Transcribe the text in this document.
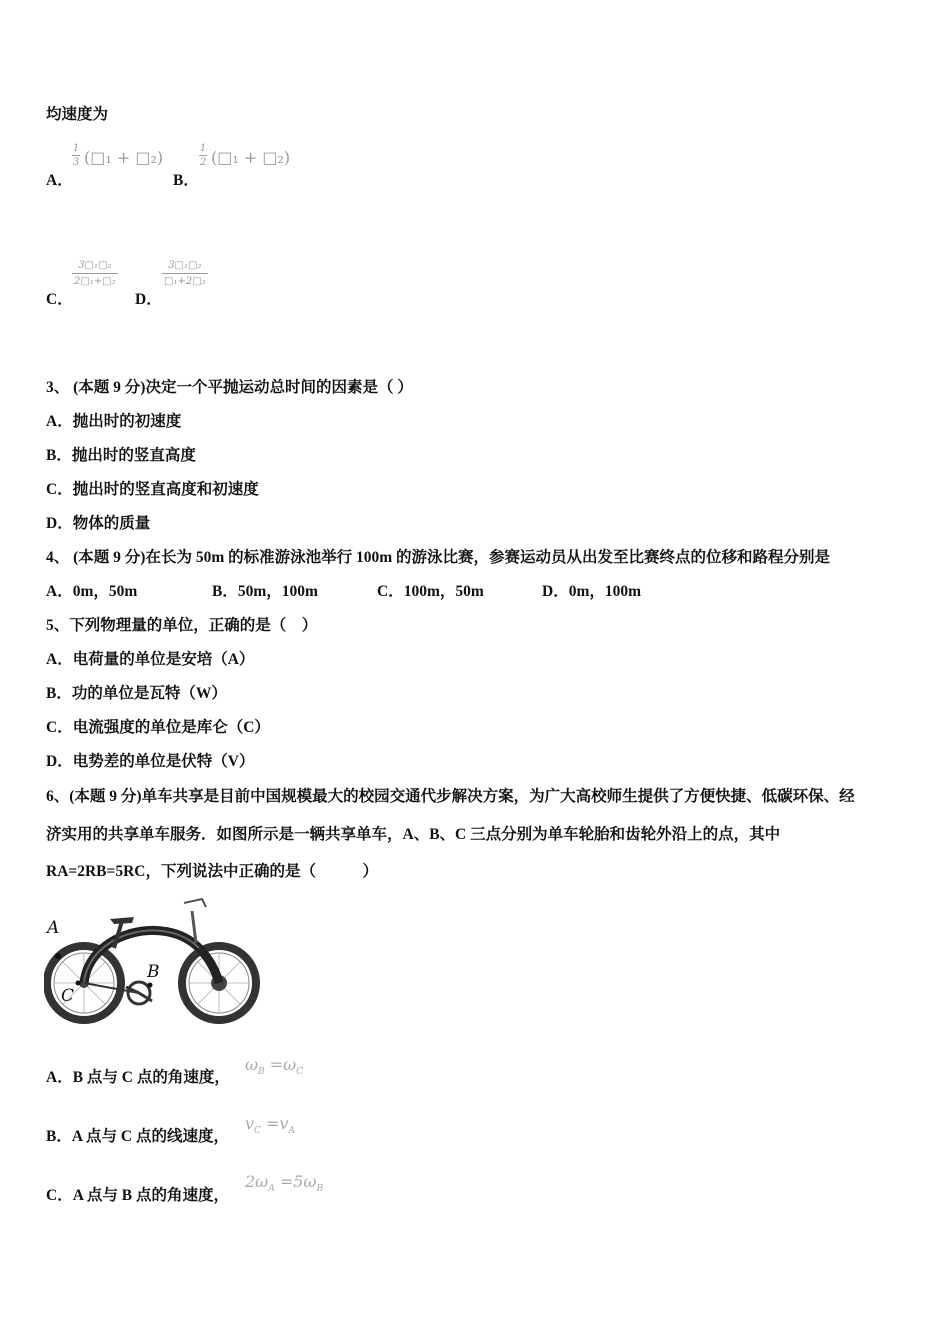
均速度为
A．
1
3 (□₁ + □₂)
B．
1
2 (□₁ + □₂)
C．
3□₁□₂
2□₁+□₂
D．
3□₁□₂
□₁+2□₂
3、 (本题 9 分)决定一个平抛运动总时间的因素是（ ）
A．抛出时的初速度
B．抛出时的竖直高度
C．抛出时的竖直高度和初速度
D．物体的质量
4、 (本题 9 分)在长为 50m 的标准游泳池举行 100m 的游泳比赛，参赛运动员从出发至比赛终点的位移和路程分别是
A．0m，50m	B．50m，100m	C．100m，50m	D．0m，100m
5、下列物理量的单位，正确的是（　）
A．电荷量的单位是安培（A）
B．功的单位是瓦特（W）
C．电流强度的单位是库仑（C）
D．电势差的单位是伏特（V）
6、(本题 9 分)单车共享是目前中国规模最大的校园交通代步解决方案，为广大高校师生提供了方便快捷、低碳环保、经
济实用的共享单车服务．如图所示是一辆共享单车，A、B、C 三点分别为单车轮胎和齿轮外沿上的点，其中
RA=2RB=5RC，下列说法中正确的是（　　　）
A
B
C
A．B 点与 C 点的角速度，
$\omega_B =\omega_C$
B．A 点与 C 点的线速度，
$v_C =v_A$
C．A 点与 B 点的角速度，
$2\omega_A =5\omega_B$
